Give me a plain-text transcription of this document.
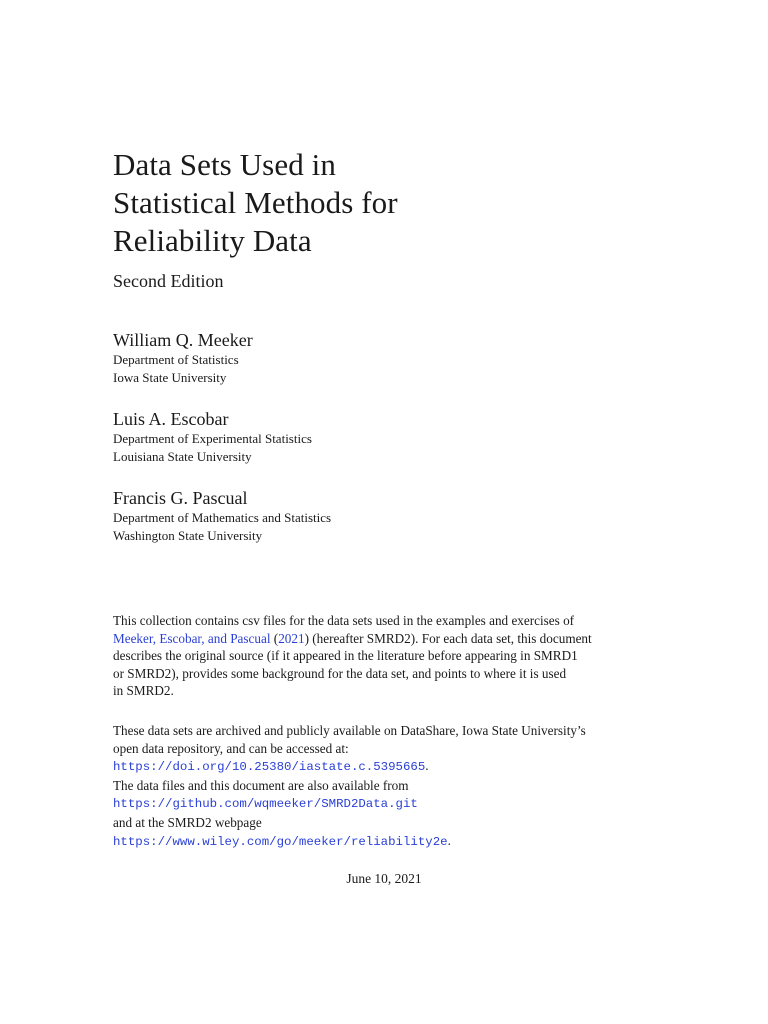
Data Sets Used in
Statistical Methods for
Reliability Data
Second Edition
William Q. Meeker
Department of Statistics
Iowa State University
Luis A. Escobar
Department of Experimental Statistics
Louisiana State University
Francis G. Pascual
Department of Mathematics and Statistics
Washington State University
This collection contains csv files for the data sets used in the examples and exercises of
Meeker, Escobar, and Pascual (2021) (hereafter SMRD2). For each data set, this document
describes the original source (if it appeared in the literature before appearing in SMRD1
or SMRD2), provides some background for the data set, and points to where it is used
in SMRD2.
These data sets are archived and publicly available on DataShare, Iowa State University’s
open data repository, and can be accessed at:
https://doi.org/10.25380/iastate.c.5395665.
The data files and this document are also available from
https://github.com/wqmeeker/SMRD2Data.git
and at the SMRD2 webpage
https://www.wiley.com/go/meeker/reliability2e.
June 10, 2021
